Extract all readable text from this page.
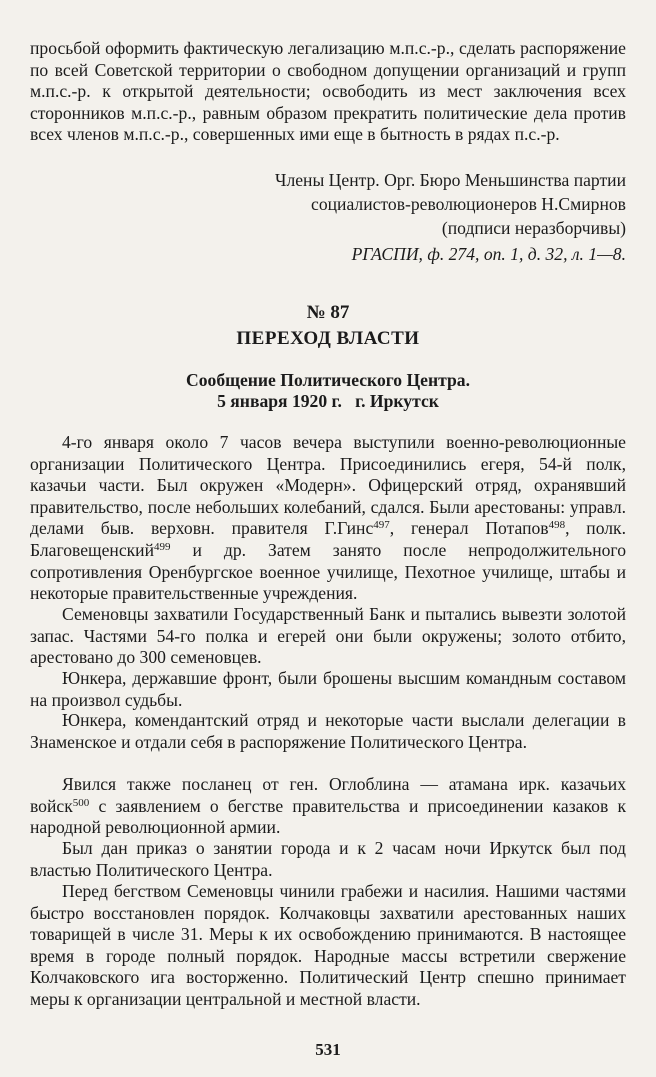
просьбой оформить фактическую легализацию м.п.с.-р., сделать распоряжение по всей Советской территории о свободном допущении организаций и групп м.п.с.-р. к открытой деятельности; освободить из мест заключения всех сторонников м.п.с.-р., равным образом прекратить политические дела против всех членов м.п.с.-р., совершенных ими еще в бытность в рядах п.с.-р.

Члены Центр. Орг. Бюро Меньшинства партии
социалистов-революционеров Н.Смирнов
(подписи неразборчивы)

РГАСПИ, ф. 274, оп. 1, д. 32, л. 1—8.

№ 87
ПЕРЕХОД ВЛАСТИ
Сообщение Политического Центра.
5 января 1920 г.   г. Иркутск

4-го января около 7 часов вечера выступили военно-революционные организации Политического Центра. Присоединились егеря, 54-й полк, казачьи части. Был окружен «Модерн». Офицерский отряд, охранявший правительство, после небольших колебаний, сдался. Были арестованы: управл. делами быв. верховн. правителя Г.Гинс$^{497}$, генерал Потапов$^{498}$, полк. Благовещенский$^{499}$ и др. Затем занято после непродолжительного сопротивления Оренбургское военное училище, Пехотное училище, штабы и некоторые правительственные учреждения.

Семеновцы захватили Государственный Банк и пытались вывезти золотой запас. Частями 54-го полка и егерей они были окружены; золото отбито, арестовано до 300 семеновцев.

Юнкера, державшие фронт, были брошены высшим командным составом на произвол судьбы.

Юнкера, комендантский отряд и некоторые части выслали делегации в Знаменское и отдали себя в распоряжение Политического Центра.

Явился также посланец от ген. Оглоблина — атамана ирк. казачьих войск$^{500}$ с заявлением о бегстве правительства и присоединении казаков к народной революционной армии.

Был дан приказ о занятии города и к 2 часам ночи Иркутск был под властью Политического Центра.

Перед бегством Семеновцы чинили грабежи и насилия. Нашими частями быстро восстановлен порядок. Колчаковцы захватили арестованных наших товарищей в числе 31. Меры к их освобождению принимаются. В настоящее время в городе полный порядок. Народные массы встретили свержение Колчаковского ига восторженно. Политический Центр спешно принимает меры к организации центральной и местной власти.

531
